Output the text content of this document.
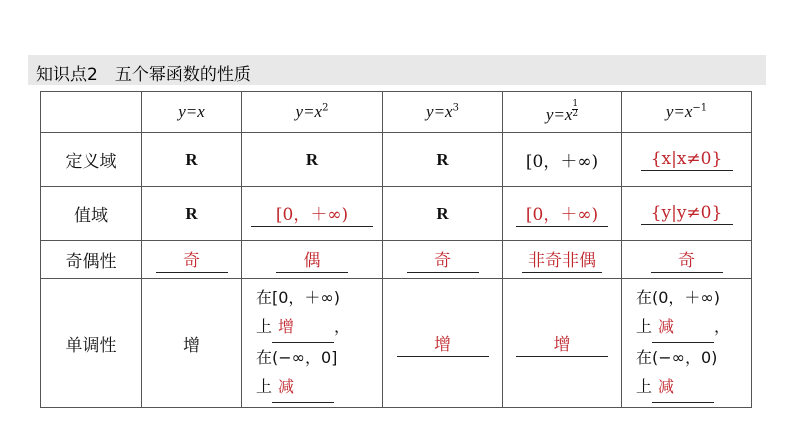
知识点2　五个幂函数的性质
	y=x	$y=x^2$	$y=x^3$	$y=x \frac{1}{2}$	$y=x^{-1}$
定义域	R	R	R	[0，＋∞)	{x|x≠0}
值域	R	[0，＋∞)	R	[0，＋∞)	{y|y≠0}
奇偶性	奇	偶	奇	非奇非偶	奇
单调性	增	在[0，＋∞)
上 增 ，
在(−∞，0]
上 减	增	增	在(0，＋∞)
上 减 ，
在(−∞，0)
上 减
